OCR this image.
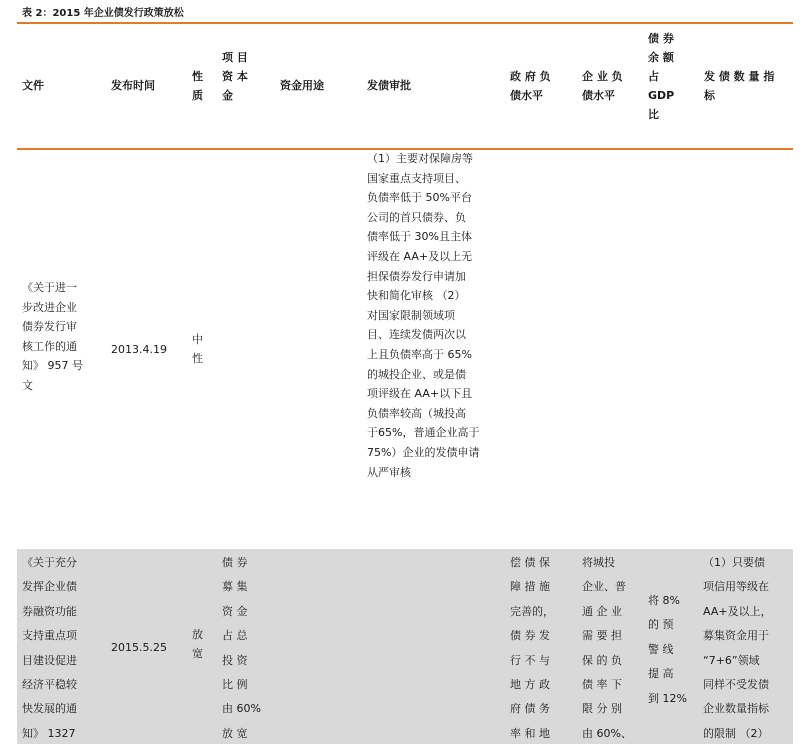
表 2：2015 年企业债发行政策放松
文件	发布时间
性
质
项 目
资 本
金
资金用途	发债审批
政 府 负
债水平
企 业 负
债水平
债 券
余 额
占
GDP
比
发 债 数 量 指
标
《关于进一
步改进企业
债券发行审
核工作的通
知》 957 号
文
2013.4.19
中
性
（1）主要对保障房等
国家重点支持项目、
负债率低于 50%平台
公司的首只债券、负
债率低于 30%且主体
评级在 AA+及以上无
担保债券发行申请加
快和简化审核 （2）
对国家限制领域项
目、连续发债两次以
上且负债率高于 65%
的城投企业、或是债
项评级在 AA+以下且
负债率较高（城投高
于65%，普通企业高于
75%）企业的发债申请
从严审核
《关于充分
发挥企业债
券融资功能
支持重点项
目建设促进
经济平稳较
快发展的通
知》 1327
2015.5.25
放
宽
债 券
募 集
资 金
占 总
投 资
比 例
由 60%
放 宽
偿 债 保
障 措 施
完善的，
债 券 发
行 不 与
地 方 政
府 债 务
率 和 地
将城投
企业、普
通 企 业
需 要 担
保 的 负
债 率 下
限 分 别
由 60%、
将 8%
的 预
警 线
提 高
到 12%
（1）只要债
项信用等级在
AA+及以上，
募集资金用于
“7+6”领域
同样不受发债
企业数量指标
的限制 （2）
